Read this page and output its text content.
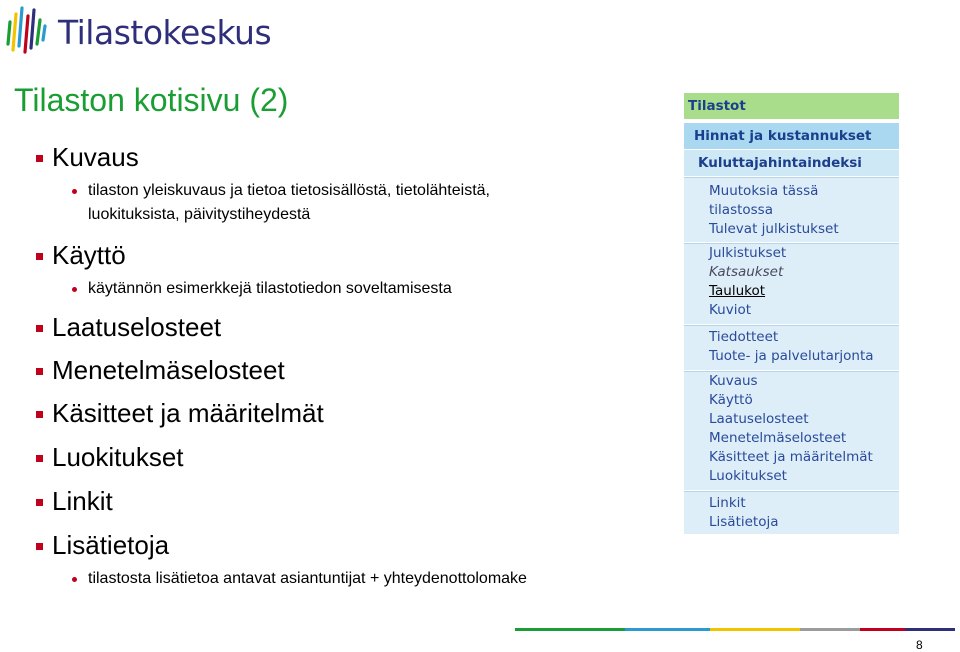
Tilastokeskus
Tilaston kotisivu (2)
Kuvaus
tilaston yleiskuvaus ja tietoa tietosisällöstä, tietolähteistä,
luokituksista, päivitystiheydestä
Käyttö
käytännön esimerkkejä tilastotiedon soveltamisesta
Laatuselosteet
Menetelmäselosteet
Käsitteet ja määritelmät
Luokitukset
Linkit
Lisätietoja
tilastosta lisätietoa antavat asiantuntijat + yhteydenottolomake
Tilastot
Hinnat ja kustannukset
Kuluttajahintaindeksi
Muutoksia tässä
tilastossa
Tulevat julkistukset
Julkistukset
Katsaukset
Taulukot
Kuviot
Tiedotteet
Tuote- ja palvelutarjonta
Kuvaus
Käyttö
Laatuselosteet
Menetelmäselosteet
Käsitteet ja määritelmät
Luokitukset
Linkit
Lisätietoja
8
